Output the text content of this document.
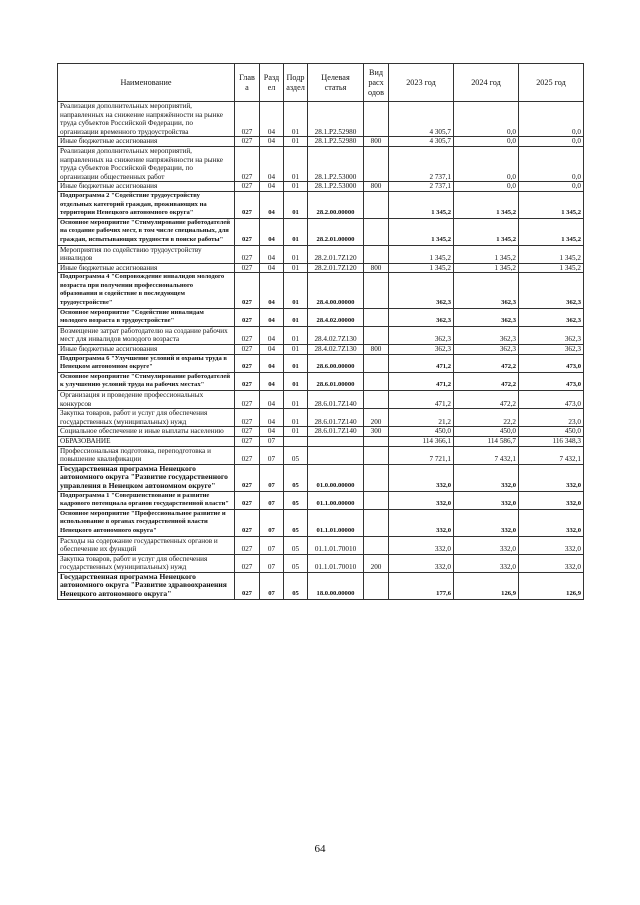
Наименование	Глав а	Разд ел	Подр аздел	Целевая статья	Вид расх одов	2023 год	2024 год	2025 год
Реализация дополнительных мероприятий, направленных на снижение напряжённости на рынке труда субъектов Российской Федерации, по организации временного трудоустройства	027	04	01	28.1.Р2.52980		4 305,7	0,0	0,0
Иные бюджетные ассигнования	027	04	01	28.1.Р2.52980	800	4 305,7	0,0	0,0
Реализация дополнительных мероприятий, направленных на снижение напряжённости на рынке труда субъектов Российской Федерации, по организации общественных работ	027	04	01	28.1.Р2.53000		2 737,1	0,0	0,0
Иные бюджетные ассигнования	027	04	01	28.1.Р2.53000	800	2 737,1	0,0	0,0
Подпрограмма 2 "Содействие трудоустройству отдельных категорий граждан, проживающих на территории Ненецкого автономного округа"	027	04	01	28.2.00.00000		1 345,2	1 345,2	1 345,2
Основное мероприятие "Стимулирование работодателей на создание рабочих мест, в том числе специальных, для граждан, испытывающих трудности в поиске работы"	027	04	01	28.2.01.00000		1 345,2	1 345,2	1 345,2
Мероприятия по содействию трудоустройству инвалидов	027	04	01	28.2.01.7Z120		1 345,2	1 345,2	1 345,2
Иные бюджетные ассигнования	027	04	01	28.2.01.7Z120	800	1 345,2	1 345,2	1 345,2
Подпрограмма 4 "Сопровождение инвалидов молодого возраста при получении профессионального образования и содействие в последующем трудоустройстве"	027	04	01	28.4.00.00000		362,3	362,3	362,3
Основное мероприятие "Содействие инвалидам молодого возраста в трудоустройстве"	027	04	01	28.4.02.00000		362,3	362,3	362,3
Возмещение затрат работодателю на создание рабочих мест для инвалидов молодого возраста	027	04	01	28.4.02.7Z130		362,3	362,3	362,3
Иные бюджетные ассигнования	027	04	01	28.4.02.7Z130	800	362,3	362,3	362,3
Подпрограмма 6 "Улучшение условий и охраны труда в Ненецком автономном округе"	027	04	01	28.6.00.00000		471,2	472,2	473,0
Основное мероприятие "Стимулирование работодателей к улучшению условий труда на рабочих местах"	027	04	01	28.6.01.00000		471,2	472,2	473,0
Организация и проведение профессиональных конкурсов	027	04	01	28.6.01.7Z140		471,2	472,2	473,0
Закупка товаров, работ и услуг для обеспечения государственных (муниципальных) нужд	027	04	01	28.6.01.7Z140	200	21,2	22,2	23,0
Социальное обеспечение и иные выплаты населению	027	04	01	28.6.01.7Z140	300	450,0	450,0	450,0
ОБРАЗОВАНИЕ	027	07				114 366,1	114 586,7	116 348,3
Профессиональная подготовка, переподготовка и повышение квалификации	027	07	05			7 721,1	7 432,1	7 432,1
Государственная программа Ненецкого автономного округа "Развитие государственного управления в Ненецком автономном округе"	027	07	05	01.0.00.00000		332,0	332,0	332,0
Подпрограмма 1 "Совершенствование и развитие кадрового потенциала органов государственной власти"	027	07	05	01.1.00.00000		332,0	332,0	332,0
Основное мероприятие "Профессиональное развитие и использование в органах государственной власти Ненецкого автономного округа"	027	07	05	01.1.01.00000		332,0	332,0	332,0
Расходы на содержание государственных органов и обеспечение их функций	027	07	05	01.1.01.70010		332,0	332,0	332,0
Закупка товаров, работ и услуг для обеспечения государственных (муниципальных) нужд	027	07	05	01.1.01.70010	200	332,0	332,0	332,0
Государственная программа Ненецкого автономного округа "Развитие здравоохранения Ненецкого автономного округа"	027	07	05	18.0.00.00000		177,6	126,9	126,9
64
